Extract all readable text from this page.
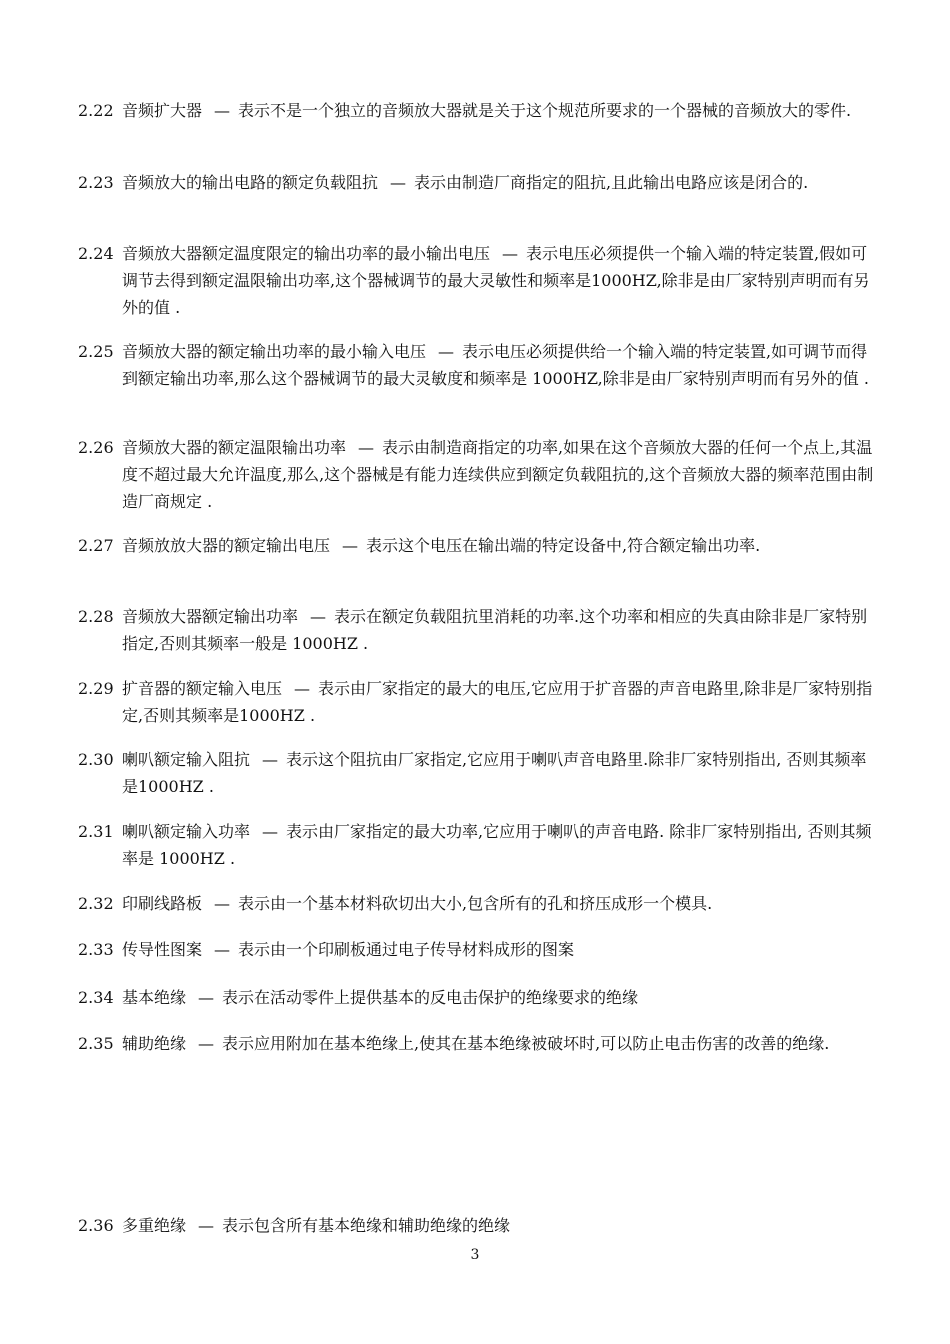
2.22 音频扩大器 — 表示不是一个独立的音频放大器就是关于这个规范所要求的一个器械的音频放大的零件.
2.23 音频放大的输出电路的额定负载阻抗 — 表示由制造厂商指定的阻抗,且此输出电路应该是闭合的.
2.24 音频放大器额定温度限定的输出功率的最小输出电压 — 表示电压必须提供一个输入端的特定装置,假如可调节去得到额定温限输出功率,这个器械调节的最大灵敏性和频率是1000HZ,除非是由厂家特别声明而有另外的值 .
2.25 音频放大器的额定输出功率的最小输入电压 — 表示电压必须提供给一个输入端的特定装置,如可调节而得到额定输出功率,那么这个器械调节的最大灵敏度和频率是 1000HZ,除非是由厂家特别声明而有另外的值 .
2.26 音频放大器的额定温限输出功率 — 表示由制造商指定的功率,如果在这个音频放大器的任何一个点上,其温度不超过最大允许温度,那么,这个器械是有能力连续供应到额定负载阻抗的,这个音频放大器的频率范围由制造厂商规定 .
2.27 音频放放大器的额定输出电压 — 表示这个电压在输出端的特定设备中,符合额定输出功率.
2.28 音频放大器额定输出功率 — 表示在额定负载阻抗里消耗的功率.这个功率和相应的失真由除非是厂家特别指定,否则其频率一般是 1000HZ .
2.29 扩音器的额定输入电压 — 表示由厂家指定的最大的电压,它应用于扩音器的声音电路里,除非是厂家特别指定,否则其频率是1000HZ .
2.30 喇叭额定输入阻抗 — 表示这个阻抗由厂家指定,它应用于喇叭声音电路里.除非厂家特别指出, 否则其频率是1000HZ .
2.31 喇叭额定输入功率 — 表示由厂家指定的最大功率,它应用于喇叭的声音电路. 除非厂家特别指出, 否则其频率是 1000HZ .
2.32 印刷线路板 — 表示由一个基本材料砍切出大小,包含所有的孔和挤压成形一个模具.
2.33 传导性图案 — 表示由一个印刷板通过电子传导材料成形的图案
2.34 基本绝缘 — 表示在活动零件上提供基本的反电击保护的绝缘要求的绝缘
2.35 辅助绝缘 — 表示应用附加在基本绝缘上,使其在基本绝缘被破坏时,可以防止电击伤害的改善的绝缘.
2.36 多重绝缘 — 表示包含所有基本绝缘和辅助绝缘的绝缘
3
